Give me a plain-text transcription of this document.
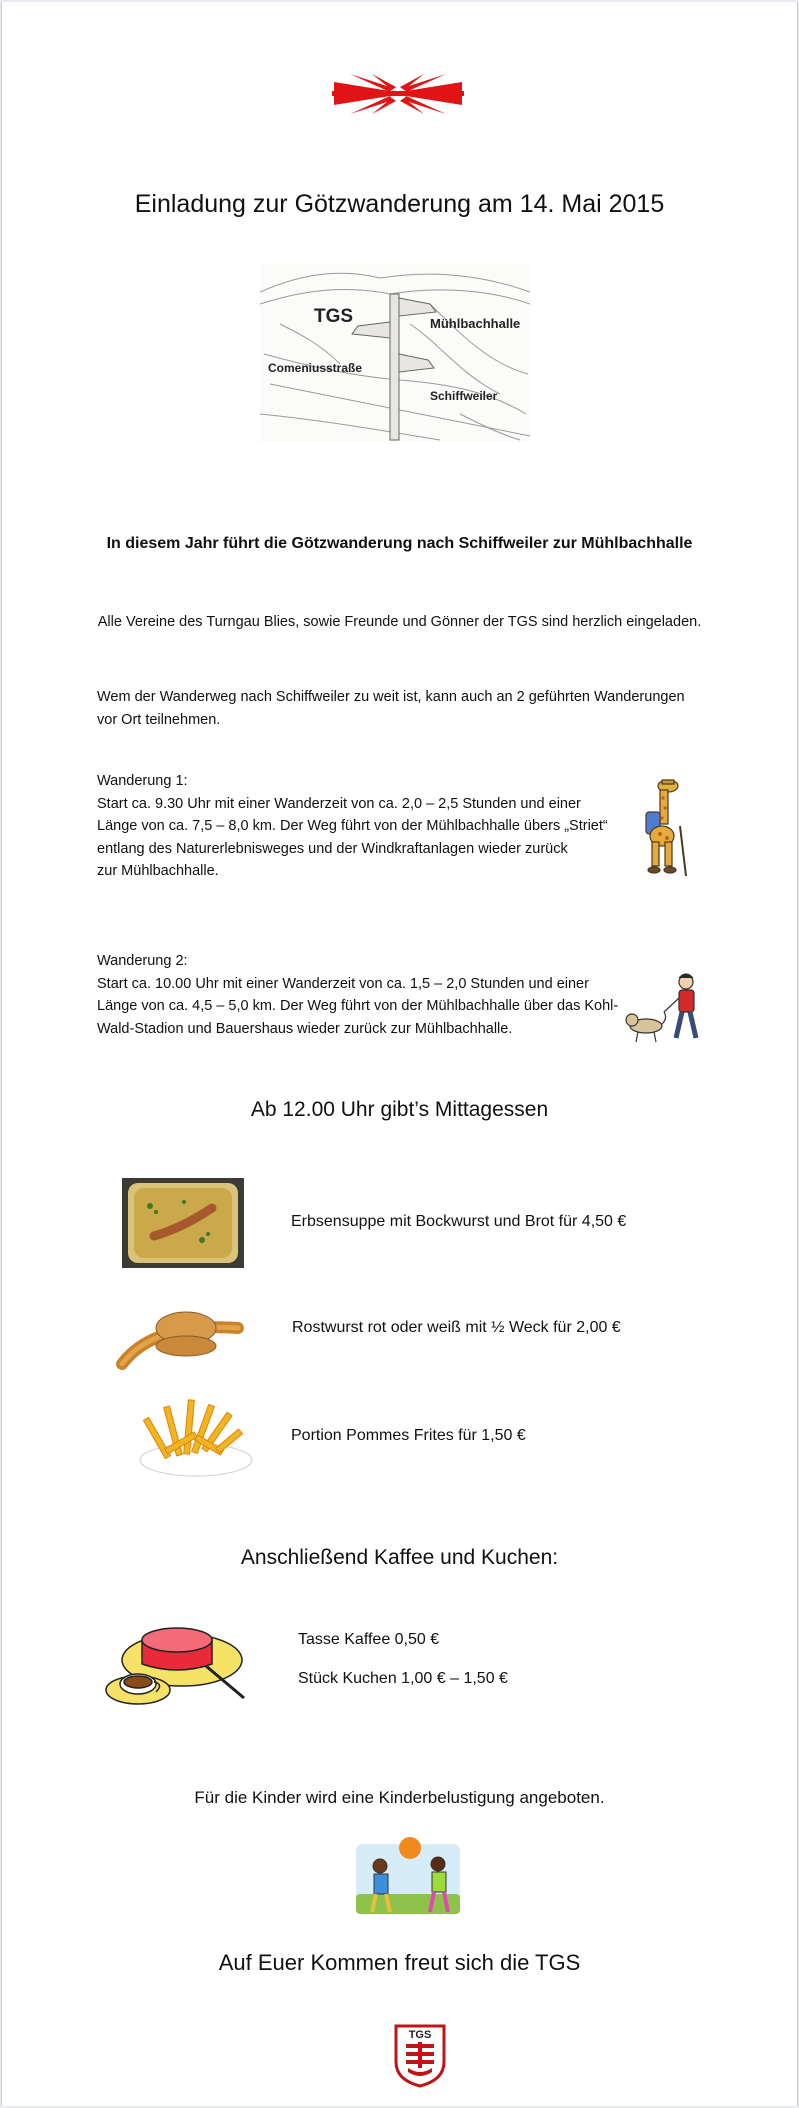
Einladung zur Götzwanderung am 14. Mai 2015
TGS	Mühlbachhalle
Comeniusstraße
Schiffweiler
In diesem Jahr führt die Götzwanderung nach Schiffweiler zur Mühlbachhalle
Alle Vereine des Turngau Blies, sowie Freunde und Gönner der TGS sind herzlich eingeladen.
Wem der Wanderweg nach Schiffweiler zu weit ist, kann auch an 2 geführten Wanderungen
vor Ort teilnehmen.
Wanderung 1:
Start ca. 9.30 Uhr mit einer Wanderzeit von ca. 2,0 – 2,5 Stunden und einer
Länge von ca. 7,5 – 8,0 km. Der Weg führt von der Mühlbachhalle übers „Striet“
entlang des Naturerlebnisweges und der Windkraftanlagen wieder zurück
zur Mühlbachhalle.
Wanderung 2:
Start ca. 10.00 Uhr mit einer Wanderzeit von ca. 1,5 – 2,0 Stunden und einer
Länge von ca. 4,5 – 5,0 km. Der Weg führt von der Mühlbachhalle über das Kohl-
Wald-Stadion und Bauershaus wieder zurück zur Mühlbachhalle.
Ab 12.00 Uhr gibt’s Mittagessen
Erbsensuppe mit Bockwurst und Brot für 4,50 €
Rostwurst rot oder weiß mit ½ Weck für 2,00 €
Portion Pommes Frites für 1,50 €
Anschließend Kaffee und Kuchen:
Tasse Kaffee 0,50 €
Stück Kuchen 1,00 € – 1,50 €
Für die Kinder wird eine Kinderbelustigung angeboten.
Auf Euer Kommen freut sich die TGS
TGS
